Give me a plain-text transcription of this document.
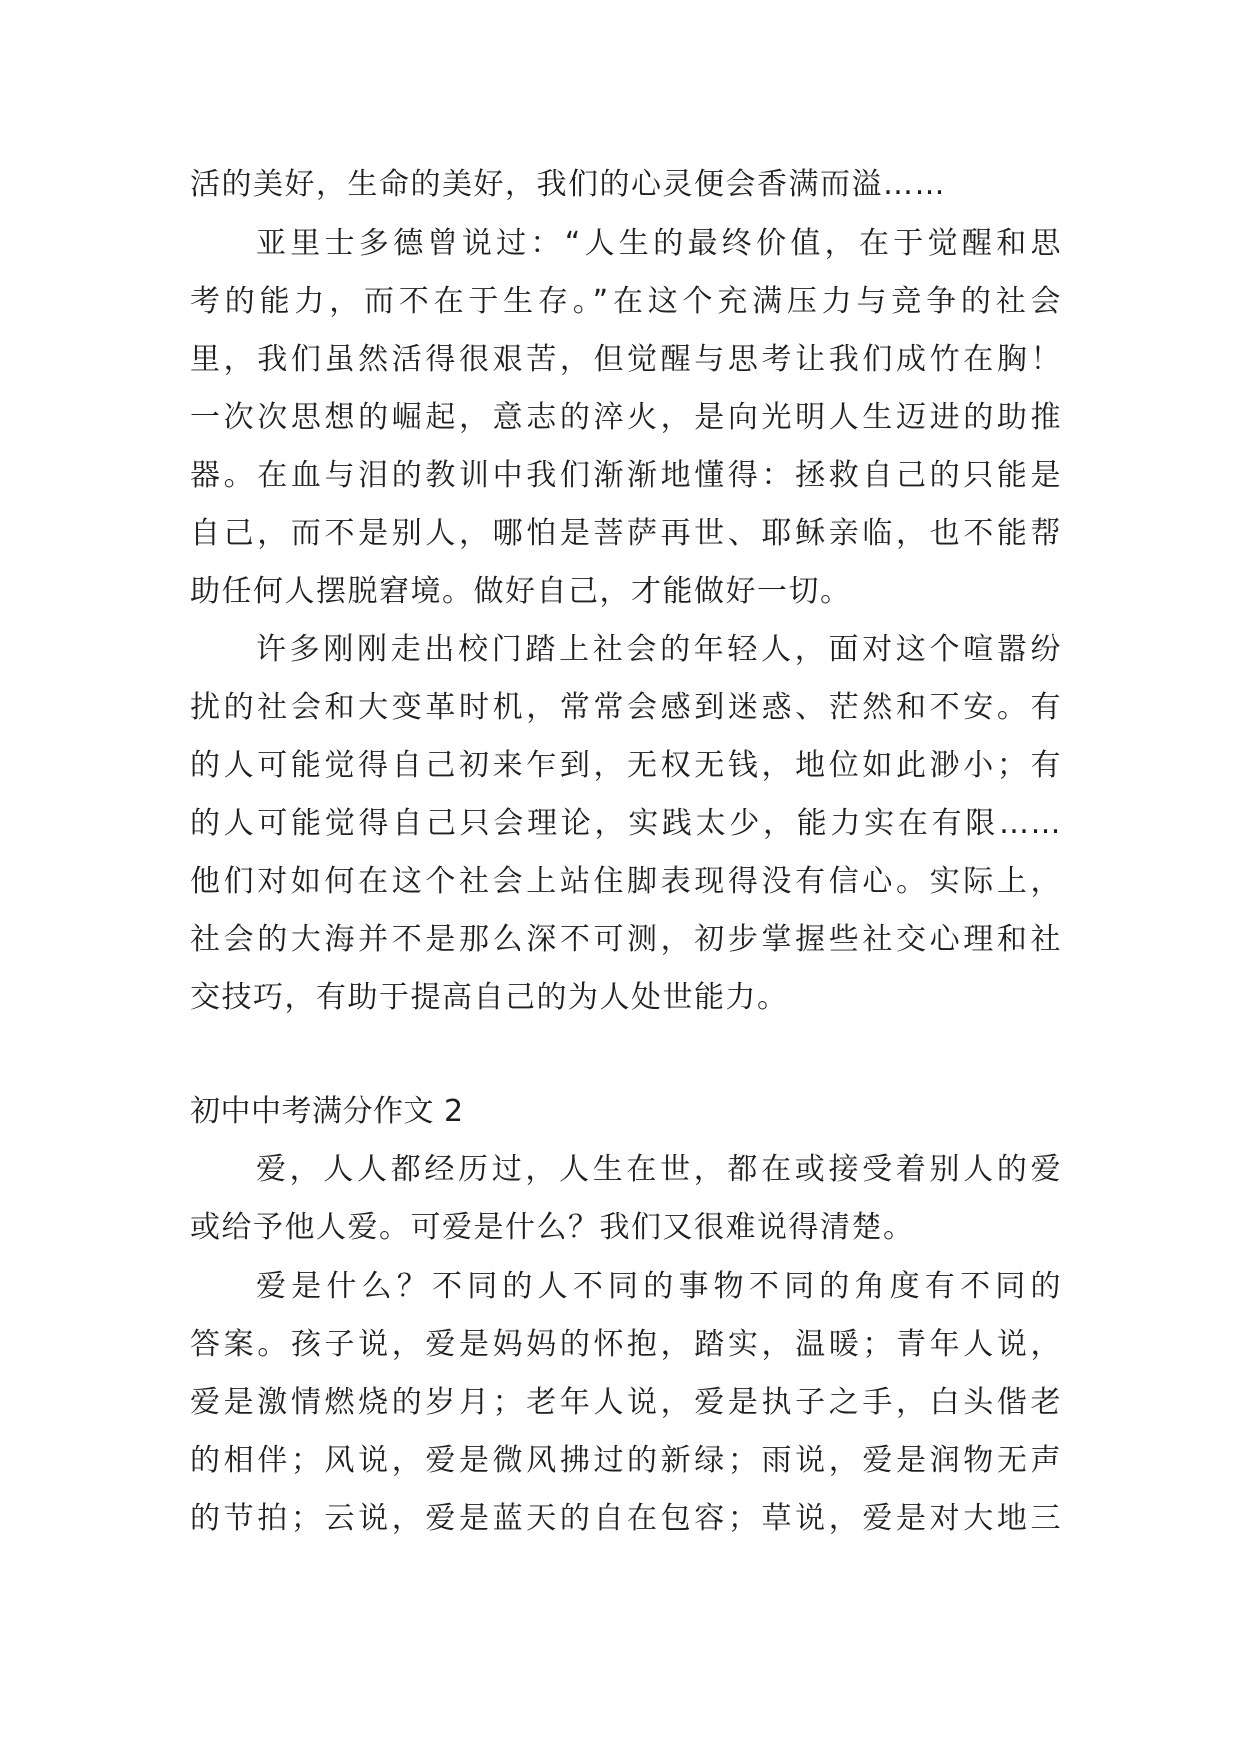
活的美好，生命的美好，我们的心灵便会香满而溢……
亚里士多德曾说过：“人生的最终价值，在于觉醒和思
考的能力，而不在于生存。”在这个充满压力与竞争的社会
里，我们虽然活得很艰苦，但觉醒与思考让我们成竹在胸！
一次次思想的崛起，意志的淬火，是向光明人生迈进的助推
器。在血与泪的教训中我们渐渐地懂得：拯救自己的只能是
自己，而不是别人，哪怕是菩萨再世、耶稣亲临，也不能帮
助任何人摆脱窘境。做好自己，才能做好一切。
许多刚刚走出校门踏上社会的年轻人，面对这个喧嚣纷
扰的社会和大变革时机，常常会感到迷惑、茫然和不安。有
的人可能觉得自己初来乍到，无权无钱，地位如此渺小；有
的人可能觉得自己只会理论，实践太少，能力实在有限……
他们对如何在这个社会上站住脚表现得没有信心。实际上，
社会的大海并不是那么深不可测，初步掌握些社交心理和社
交技巧，有助于提高自己的为人处世能力。
初中中考满分作文 2
爱，人人都经历过，人生在世，都在或接受着别人的爱
或给予他人爱。可爱是什么？我们又很难说得清楚。
爱是什么？不同的人不同的事物不同的角度有不同的
答案。孩子说，爱是妈妈的怀抱，踏实，温暖；青年人说，
爱是激情燃烧的岁月；老年人说，爱是执子之手，白头偕老
的相伴；风说，爱是微风拂过的新绿；雨说，爱是润物无声
的节拍；云说，爱是蓝天的自在包容；草说，爱是对大地三
